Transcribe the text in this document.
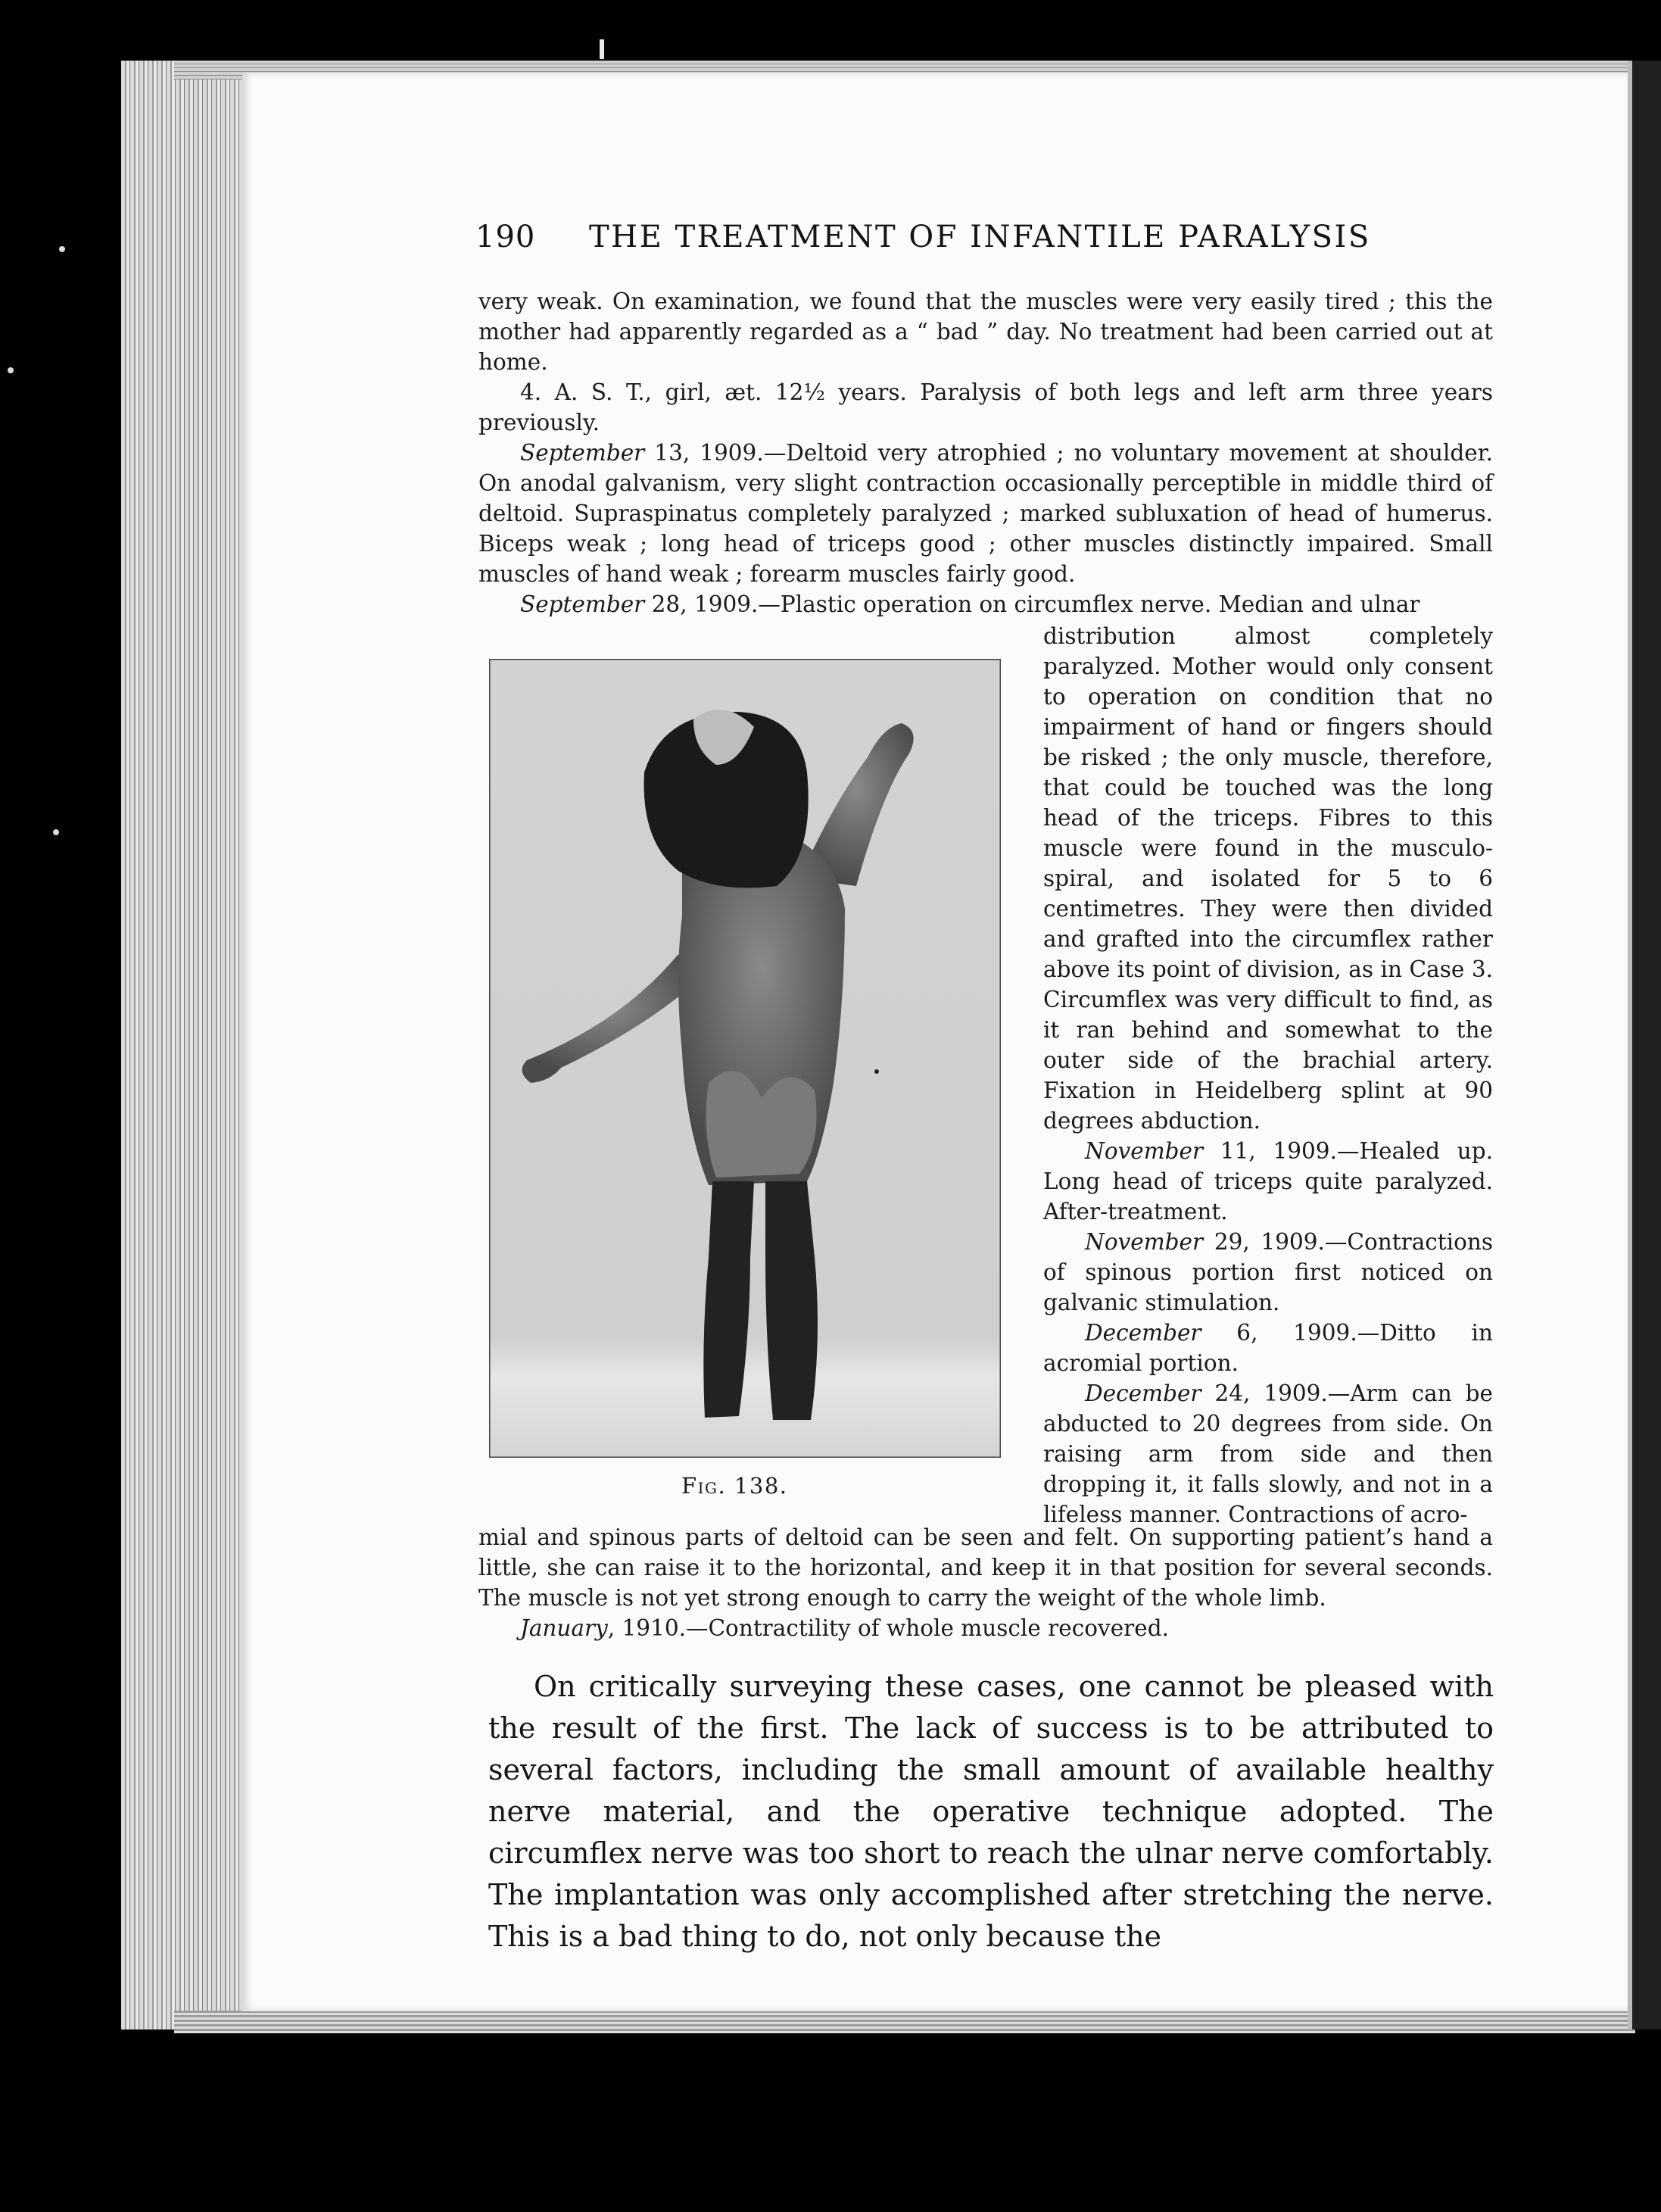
190	THE TREATMENT OF INFANTILE PARALYSIS

very weak. On examination, we found that the muscles were very easily tired ; this the mother had apparently regarded as a “ bad ” day. No treatment had been carried out at home.

4. A. S. T., girl, æt. 12½ years. Paralysis of both legs and left arm three years previously.

September 13, 1909.—Deltoid very atrophied ; no voluntary movement at shoulder. On anodal galvanism, very slight contraction occasionally perceptible in middle third of deltoid. Supraspinatus completely paralyzed ; marked subluxation of head of humerus. Biceps weak ; long head of triceps good ; other muscles distinctly impaired. Small muscles of hand weak ; forearm muscles fairly good.

September 28, 1909.—Plastic operation on circumflex nerve. Median and ulnar

Fig. 138.

distribution almost completely paralyzed. Mother would only consent to operation on condition that no impairment of hand or fingers should be risked ; the only muscle, therefore, that could be touched was the long head of the triceps. Fibres to this muscle were found in the musculo-spiral, and isolated for 5 to 6 centimetres. They were then divided and grafted into the circumflex rather above its point of division, as in Case 3. Circumflex was very difficult to find, as it ran behind and somewhat to the outer side of the brachial artery. Fixation in Heidelberg splint at 90 degrees abduction.

November 11, 1909.—Healed up. Long head of triceps quite paralyzed. After-treatment.

November 29, 1909.—Contractions of spinous portion first noticed on galvanic stimulation.

December 6, 1909.—Ditto in acromial portion.

December 24, 1909.—Arm can be abducted to 20 degrees from side. On raising arm from side and then dropping it, it falls slowly, and not in a lifeless manner. Contractions of acro-

mial and spinous parts of deltoid can be seen and felt. On supporting patient’s hand a little, she can raise it to the horizontal, and keep it in that position for several seconds. The muscle is not yet strong enough to carry the weight of the whole limb.

January, 1910.—Contractility of whole muscle recovered.

On critically surveying these cases, one cannot be pleased with the result of the first. The lack of success is to be attributed to several factors, including the small amount of available healthy nerve material, and the operative technique adopted. The circumflex nerve was too short to reach the ulnar nerve comfortably. The implantation was only accomplished after stretching the nerve. This is a bad thing to do, not only because the
